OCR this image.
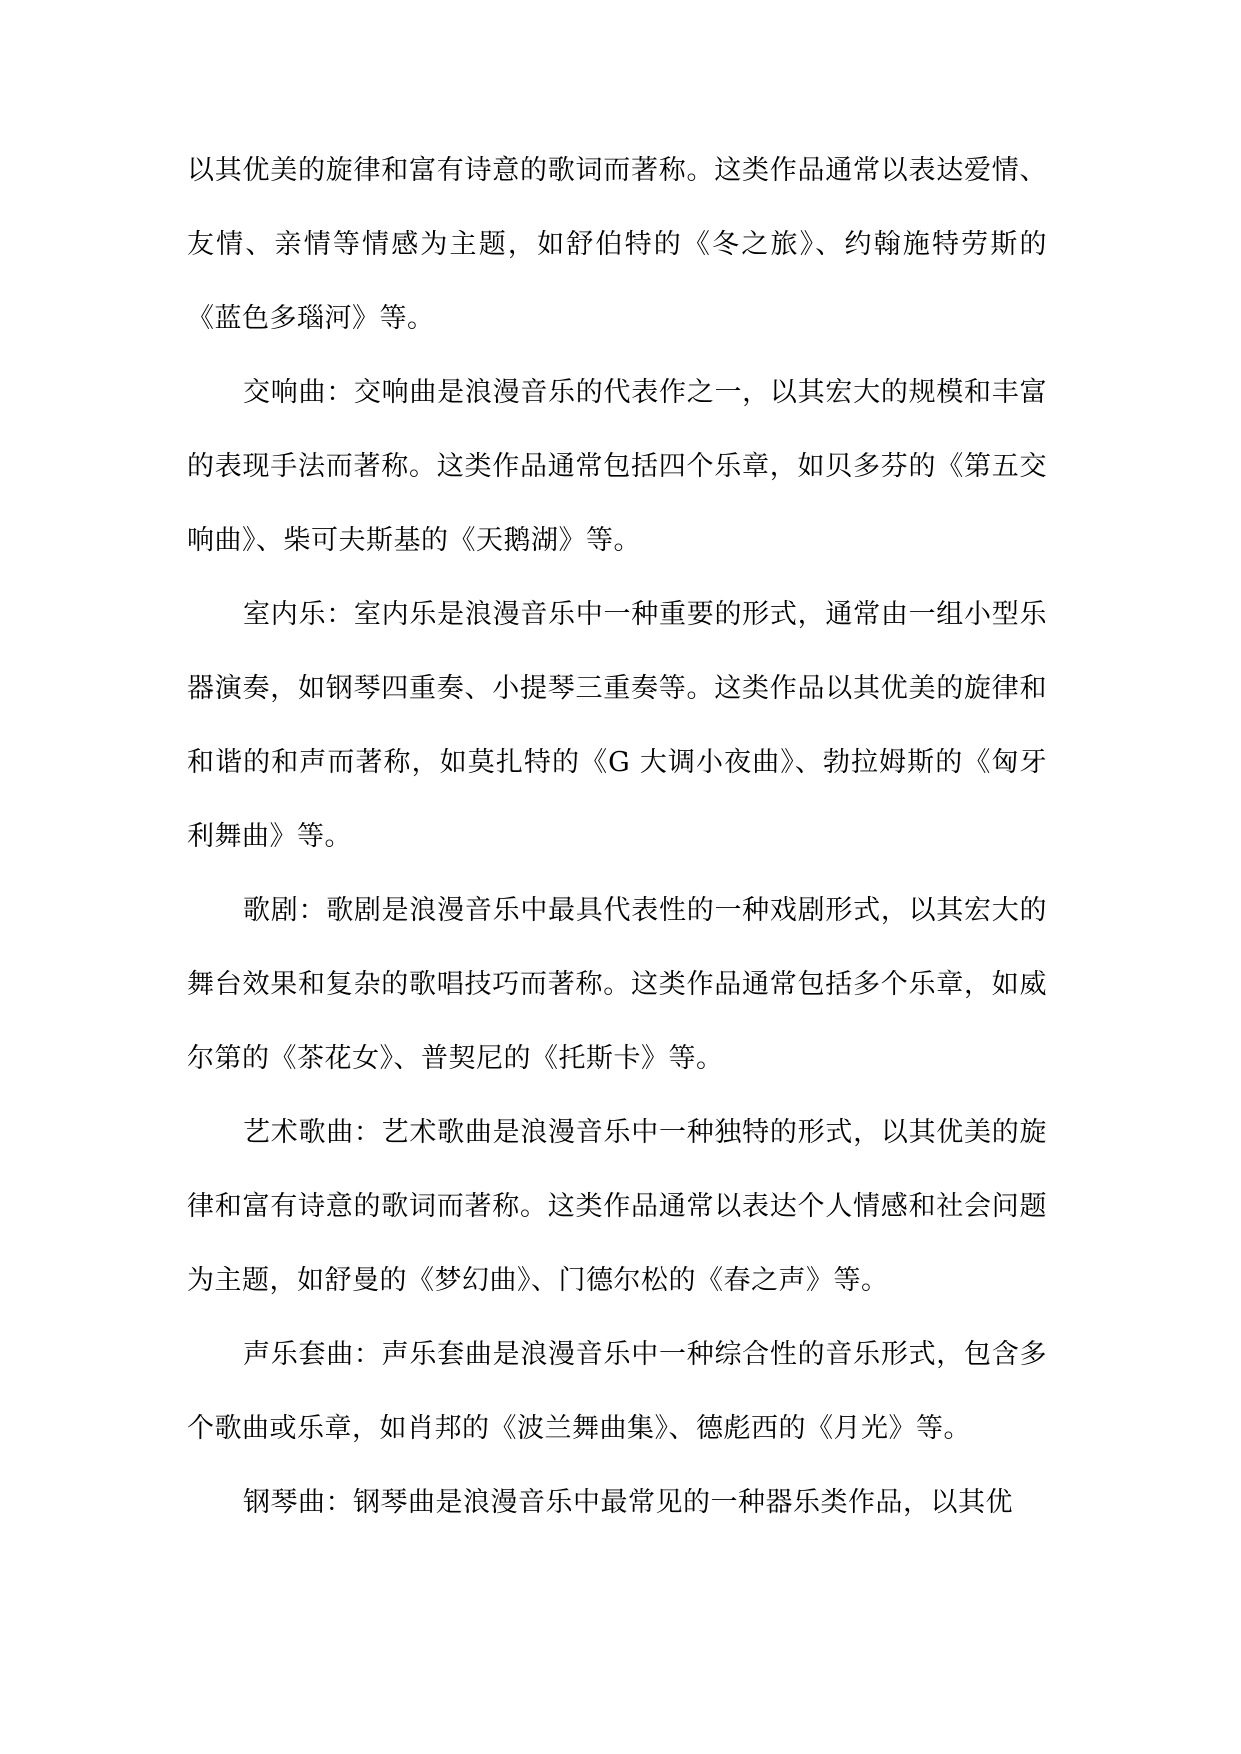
以其优美的旋律和富有诗意的歌词而著称。这类作品通常以表达爱情、友情、亲情等情感为主题，如舒伯特的《冬之旅》、约翰施特劳斯的《蓝色多瑙河》等。

交响曲：交响曲是浪漫音乐的代表作之一，以其宏大的规模和丰富的表现手法而著称。这类作品通常包括四个乐章，如贝多芬的《第五交响曲》、柴可夫斯基的《天鹅湖》等。

室内乐：室内乐是浪漫音乐中一种重要的形式，通常由一组小型乐器演奏，如钢琴四重奏、小提琴三重奏等。这类作品以其优美的旋律和和谐的和声而著称，如莫扎特的《G 大调小夜曲》、勃拉姆斯的《匈牙利舞曲》等。

歌剧：歌剧是浪漫音乐中最具代表性的一种戏剧形式，以其宏大的舞台效果和复杂的歌唱技巧而著称。这类作品通常包括多个乐章，如威尔第的《茶花女》、普契尼的《托斯卡》等。

艺术歌曲：艺术歌曲是浪漫音乐中一种独特的形式，以其优美的旋律和富有诗意的歌词而著称。这类作品通常以表达个人情感和社会问题为主题，如舒曼的《梦幻曲》、门德尔松的《春之声》等。

声乐套曲：声乐套曲是浪漫音乐中一种综合性的音乐形式，包含多个歌曲或乐章，如肖邦的《波兰舞曲集》、德彪西的《月光》等。

钢琴曲：钢琴曲是浪漫音乐中最常见的一种器乐类作品，以其优
